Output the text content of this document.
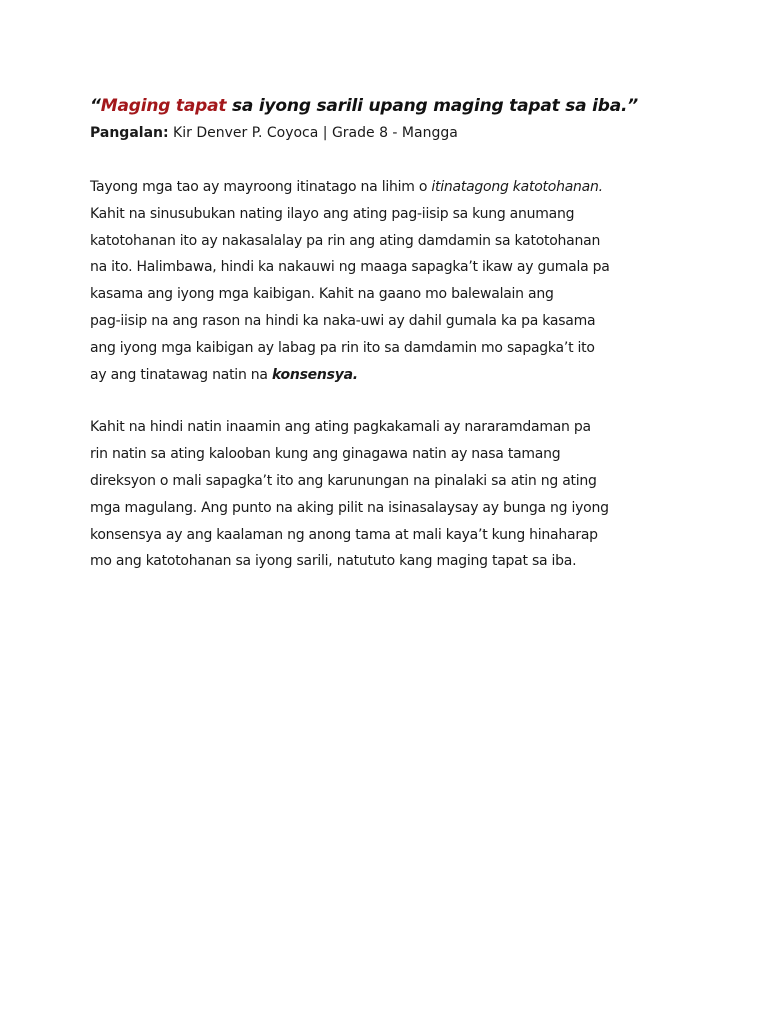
“Maging tapat sa iyong sarili upang maging tapat sa iba.”

Pangalan: Kir Denver P. Coyoca | Grade 8 - Mangga

Tayong mga tao ay mayroong itinatago na lihim o itinatagong katotohanan.
Kahit na sinusubukan nating ilayo ang ating pag-iisip sa kung anumang
katotohanan ito ay nakasalalay pa rin ang ating damdamin sa katotohanan
na ito. Halimbawa, hindi ka nakauwi ng maaga sapagka’t ikaw ay gumala pa
kasama ang iyong mga kaibigan. Kahit na gaano mo balewalain ang
pag-iisip na ang rason na hindi ka naka-uwi ay dahil gumala ka pa kasama
ang iyong mga kaibigan ay labag pa rin ito sa damdamin mo sapagka’t ito
ay ang tinatawag natin na konsensya.

Kahit na hindi natin inaamin ang ating pagkakamali ay nararamdaman pa
rin natin sa ating kalooban kung ang ginagawa natin ay nasa tamang
direksyon o mali sapagka’t ito ang karunungan na pinalaki sa atin ng ating
mga magulang. Ang punto na aking pilit na isinasalaysay ay bunga ng iyong
konsensya ay ang kaalaman ng anong tama at mali kaya’t kung hinaharap
mo ang katotohanan sa iyong sarili, natututo kang maging tapat sa iba.
